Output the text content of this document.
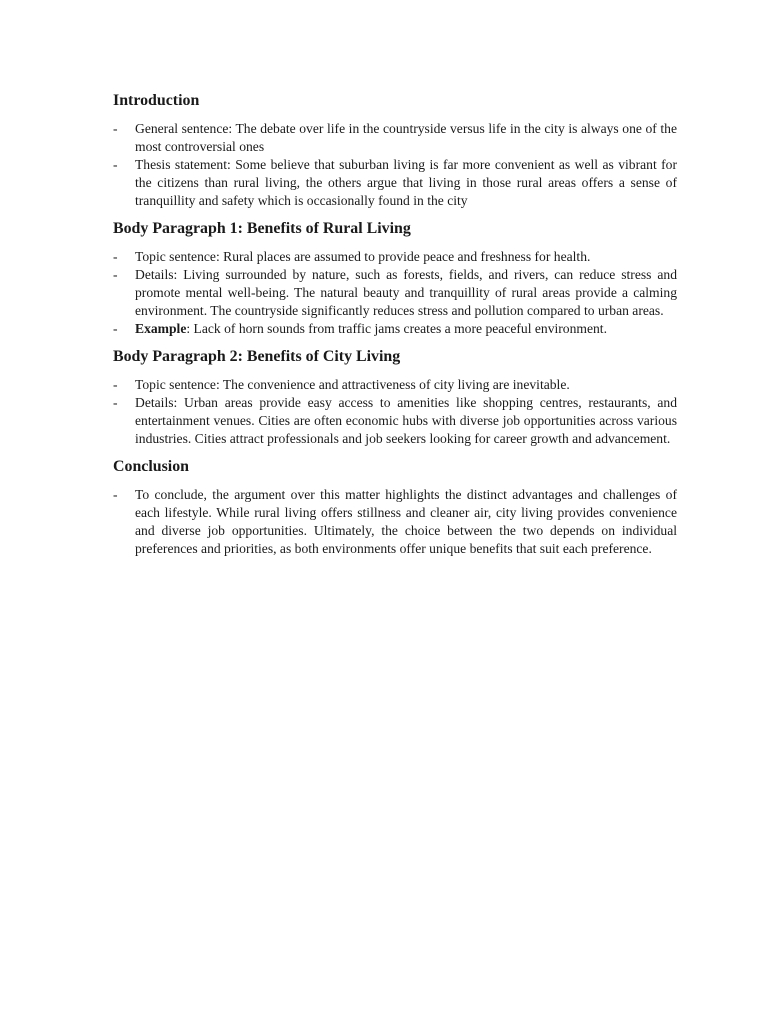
Introduction
- General sentence: The debate over life in the countryside versus life in the city is always one of the most controversial ones
- Thesis statement: Some believe that suburban living is far more convenient as well as vibrant for the citizens than rural living, the others argue that living in those rural areas offers a sense of tranquillity and safety which is occasionally found in the city
Body Paragraph 1: Benefits of Rural Living
- Topic sentence: Rural places are assumed to provide peace and freshness for health.
- Details: Living surrounded by nature, such as forests, fields, and rivers, can reduce stress and promote mental well-being. The natural beauty and tranquillity of rural areas provide a calming environment. The countryside significantly reduces stress and pollution compared to urban areas.
- Example: Lack of horn sounds from traffic jams creates a more peaceful environment.
Body Paragraph 2: Benefits of City Living
- Topic sentence: The convenience and attractiveness of city living are inevitable.
- Details: Urban areas provide easy access to amenities like shopping centres, restaurants, and entertainment venues. Cities are often economic hubs with diverse job opportunities across various industries. Cities attract professionals and job seekers looking for career growth and advancement.
Conclusion
- To conclude, the argument over this matter highlights the distinct advantages and challenges of each lifestyle. While rural living offers stillness and cleaner air, city living provides convenience and diverse job opportunities. Ultimately, the choice between the two depends on individual preferences and priorities, as both environments offer unique benefits that suit each preference.
